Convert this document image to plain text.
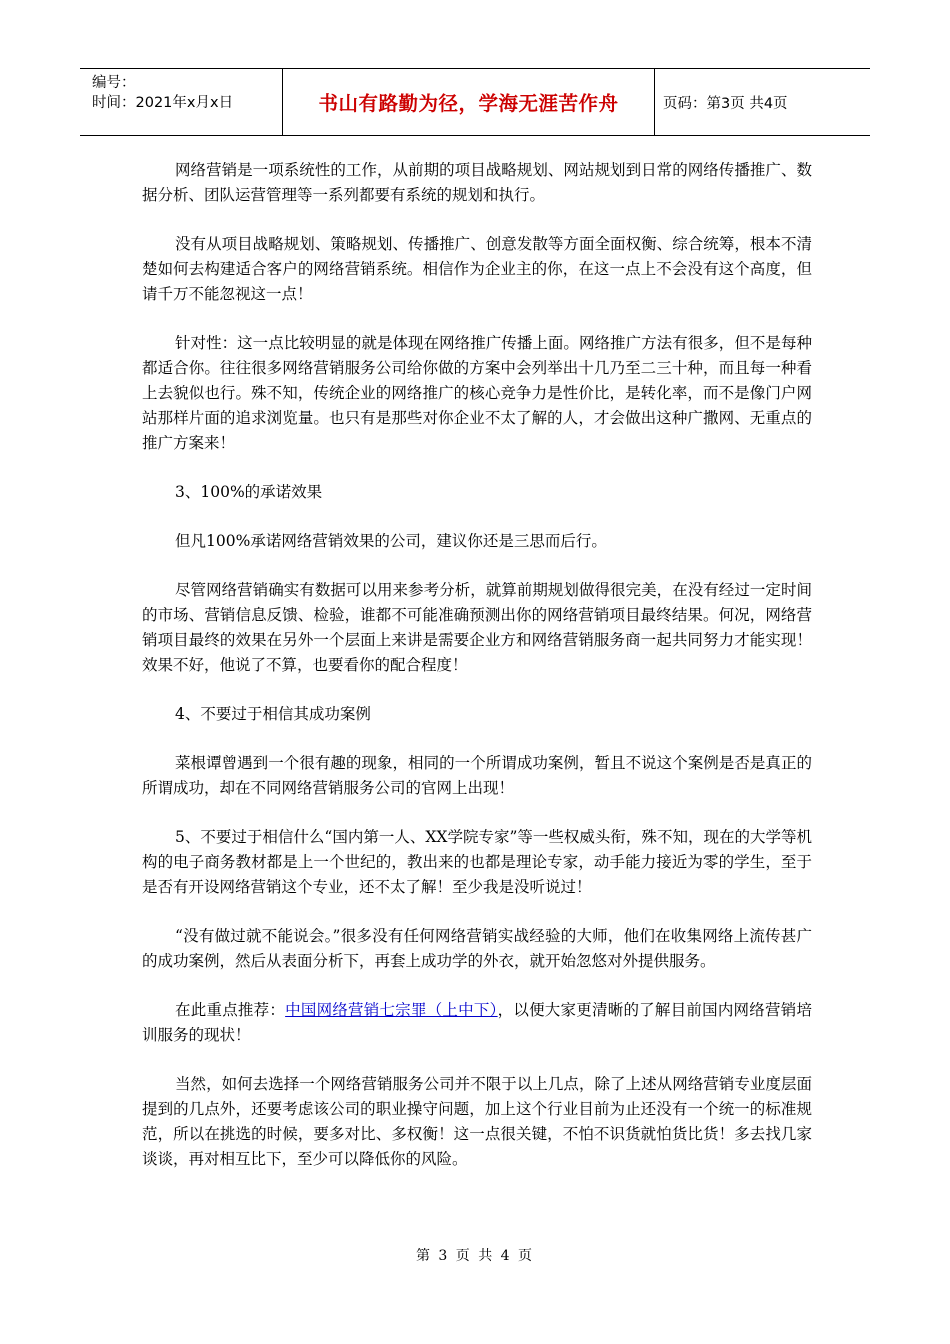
编号：
时间：2021年x月x日	书山有路勤为径，学海无涯苦作舟	页码：第3页 共4页

网络营销是一项系统性的工作，从前期的项目战略规划、网站规划到日常的网络传播推广、数据分析、团队运营管理等一系列都要有系统的规划和执行。

没有从项目战略规划、策略规划、传播推广、创意发散等方面全面权衡、综合统筹，根本不清楚如何去构建适合客户的网络营销系统。相信作为企业主的你，在这一点上不会没有这个高度，但请千万不能忽视这一点！

针对性：这一点比较明显的就是体现在网络推广传播上面。网络推广方法有很多，但不是每种都适合你。往往很多网络营销服务公司给你做的方案中会列举出十几乃至二三十种，而且每一种看上去貌似也行。殊不知，传统企业的网络推广的核心竞争力是性价比，是转化率，而不是像门户网站那样片面的追求浏览量。也只有是那些对你企业不太了解的人，才会做出这种广撒网、无重点的推广方案来！

3、100%的承诺效果

但凡100%承诺网络营销效果的公司，建议你还是三思而后行。

尽管网络营销确实有数据可以用来参考分析，就算前期规划做得很完美，在没有经过一定时间的市场、营销信息反馈、检验，谁都不可能准确预测出你的网络营销项目最终结果。何况，网络营销项目最终的效果在另外一个层面上来讲是需要企业方和网络营销服务商一起共同努力才能实现！效果不好，他说了不算，也要看你的配合程度！

4、不要过于相信其成功案例

菜根谭曾遇到一个很有趣的现象，相同的一个所谓成功案例，暂且不说这个案例是否是真正的所谓成功，却在不同网络营销服务公司的官网上出现！

5、不要过于相信什么“国内第一人、XX学院专家”等一些权威头衔，殊不知，现在的大学等机构的电子商务教材都是上一个世纪的，教出来的也都是理论专家，动手能力接近为零的学生，至于是否有开设网络营销这个专业，还不太了解！至少我是没听说过！

“没有做过就不能说会。”很多没有任何网络营销实战经验的大师，他们在收集网络上流传甚广的成功案例，然后从表面分析下，再套上成功学的外衣，就开始忽悠对外提供服务。

在此重点推荐：中国网络营销七宗罪（上中下），以便大家更清晰的了解目前国内网络营销培训服务的现状！

当然，如何去选择一个网络营销服务公司并不限于以上几点，除了上述从网络营销专业度层面提到的几点外，还要考虑该公司的职业操守问题，加上这个行业目前为止还没有一个统一的标准规范，所以在挑选的时候，要多对比、多权衡！这一点很关键，不怕不识货就怕货比货！多去找几家谈谈，再对相互比下，至少可以降低你的风险。

第 3 页 共 4 页
